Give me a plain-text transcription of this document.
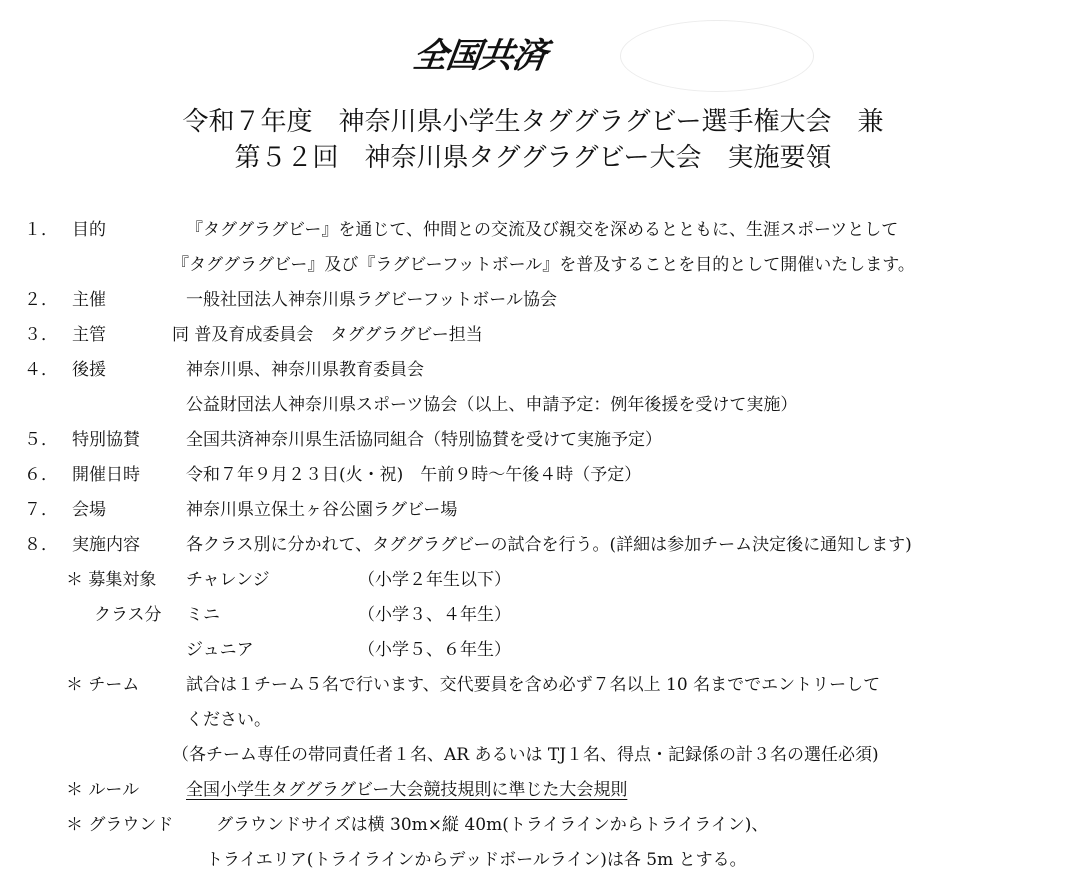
全国共済
令和７年度　神奈川県小学生タググラグビー選手権大会　兼
第５２回　神奈川県タググラグビー大会　実施要領
１． 目的	『タググラグビー』を通じて、仲間との交流及び親交を深めるとともに、生涯スポーツとして
『タググラグビー』及び『ラグビーフットボール』を普及することを目的として開催いたします。
２． 主催	一般社団法人神奈川県ラグビーフットボール協会
３． 主管	同 普及育成委員会　タググラグビー担当
４． 後援	神奈川県、神奈川県教育委員会
公益財団法人神奈川県スポーツ協会（以上、申請予定：例年後援を受けて実施）
５． 特別協賛	全国共済神奈川県生活協同組合（特別協賛を受けて実施予定）
６． 開催日時	令和７年９月２３日(火・祝)　午前９時～午後４時（予定）
７． 会場	神奈川県立保土ヶ谷公園ラグビー場
８． 実施内容	各クラス別に分かれて、タググラグビーの試合を行う。(詳細は参加チーム決定後に通知します)
＊ 募集対象 チャレンジ	（小学２年生以下）
クラス分 ミニ	（小学３、４年生）
ジュニア	（小学５、６年生）
＊ チーム	試合は１チーム５名で行います、交代要員を含め必ず７名以上 10 名まででエントリーして
ください。
（各チーム専任の帯同責任者１名、AR あるいは TJ１名、得点・記録係の計３名の選任必須)
＊ ルール	全国小学生タググラグビー大会競技規則に準じた大会規則
＊ グラウンド	グラウンドサイズは横 30m×縦 40m(トライラインからトライライン)、
トライエリア(トライラインからデッドボールライン)は各 5m とする。
